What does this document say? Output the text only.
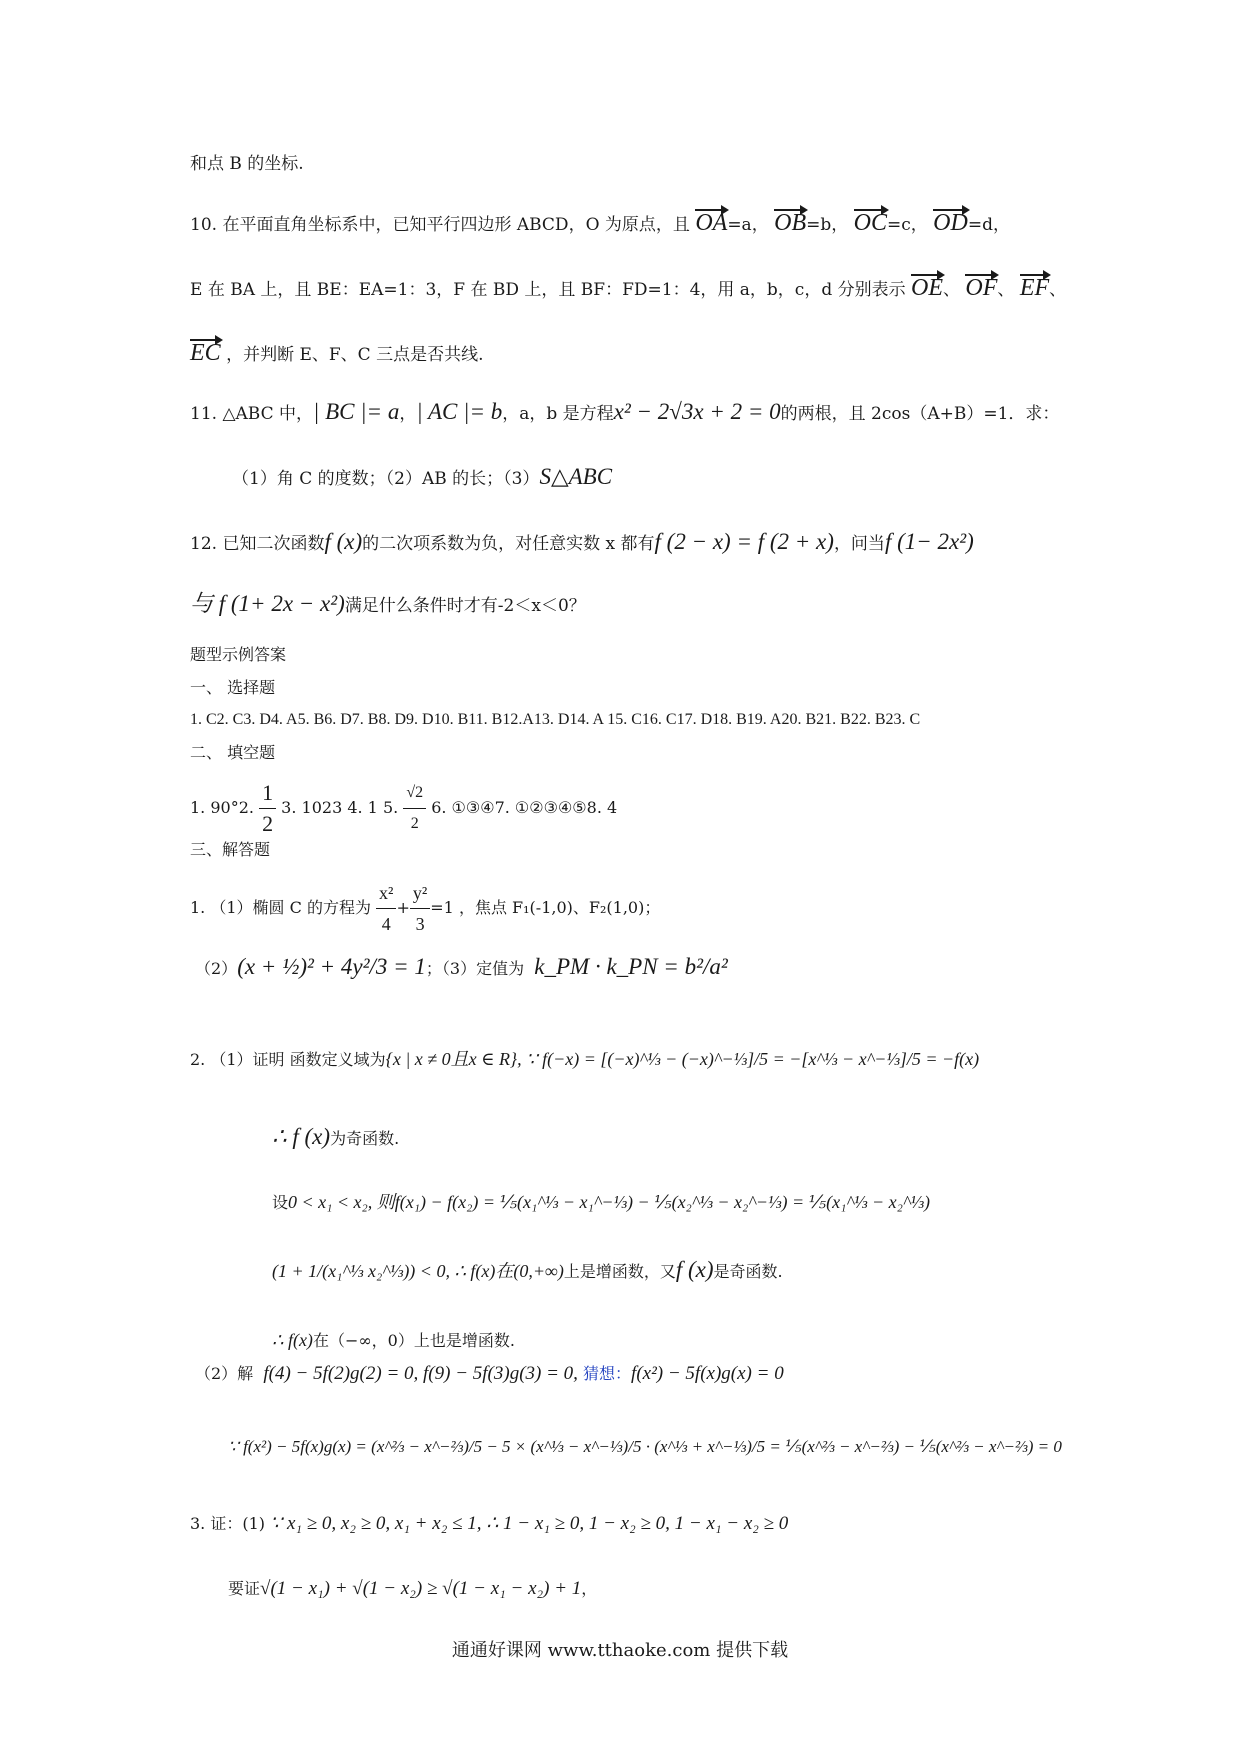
和点 B 的坐标.
10. 在平面直角坐标系中，已知平行四边形 ABCD，O 为原点，且 OA=a， OB=b， OC=c， OD=d，
E 在 BA 上，且 BE：EA=1：3，F 在 BD 上，且 BF：FD=1：4，用 a，b，c，d 分别表示 OE、 OF、 EF、
EC ，并判断 E、F、C 三点是否共线.
11. △ABC 中，| BC |= a，| AC |= b，a，b 是方程x² − 2√3x + 2 = 0的两根，且 2cos（A+B）=1．求：
（1）角 C 的度数；（2）AB 的长；（3）S△ABC
12. 已知二次函数f (x)的二次项系数为负，对任意实数 x 都有f (2 − x) = f (2 + x)，问当f (1− 2x²)
与 f (1+ 2x − x²)满足什么条件时才有-2＜x＜0？
题型示例答案
一、 选择题
1. C2. C3. D4. A5. B6. D7. B8. D9. D10. B11. B12.A13. D14. A 15. C16. C17. D18. B19. A20. B21. B22. B23. C
二、 填空题
1. 90°2. $\frac{1}{2} 3$. 1023 4. 1 5. $\frac{√2}{2} 6$. ①③④7. ①②③④⑤8. 4
三、解答题
1. （1）椭圆 C 的方程为 $\frac{\text{x²}}{4} + \frac{\text{y²}}{3} =1$ ，焦点 F₁(-1,0)、F₂(1,0)；
（2）(x + ½)² + 4y²/3 = 1；（3）定值为 k_PM · k_PN = b²/a²
2. （1）证明 函数定义域为{x | x ≠ 0且x ∈ R}, ∵ f(−x) = [(−x)^⅓ − (−x)^−⅓]/5 = −[x^⅓ − x^−⅓]/5 = −f(x)
∴ f (x)为奇函数.
设0 < x₁ < x₂, 则f(x₁) − f(x₂) = ⅕(x₁^⅓ − x₁^−⅓) − ⅕(x₂^⅓ − x₂^−⅓) = ⅕(x₁^⅓ − x₂^⅓)
(1 + 1/(x₁^⅓ x₂^⅓)) < 0, ∴ f(x)在(0,+∞)上是增函数，又f (x)是奇函数.
∴ f(x)在（−∞，0）上也是增函数.
（2）解 f(4) − 5f(2)g(2) = 0, f(9) − 5f(3)g(3) = 0, 猜想：f(x²) − 5f(x)g(x) = 0
∵ f(x²) − 5f(x)g(x) = (x^⅔ − x^−⅔)/5 − 5 × (x^⅓ − x^−⅓)/5 · (x^⅓ + x^−⅓)/5 = ⅕(x^⅔ − x^−⅔) − ⅕(x^⅔ − x^−⅔) = 0
3. 证：(1) ∵ x₁ ≥ 0, x₂ ≥ 0, x₁ + x₂ ≤ 1, ∴ 1 − x₁ ≥ 0, 1 − x₂ ≥ 0, 1 − x₁ − x₂ ≥ 0
要证√(1 − x₁) + √(1 − x₂) ≥ √(1 − x₁ − x₂) + 1，
通通好课网 www.tthaoke.com 提供下载
